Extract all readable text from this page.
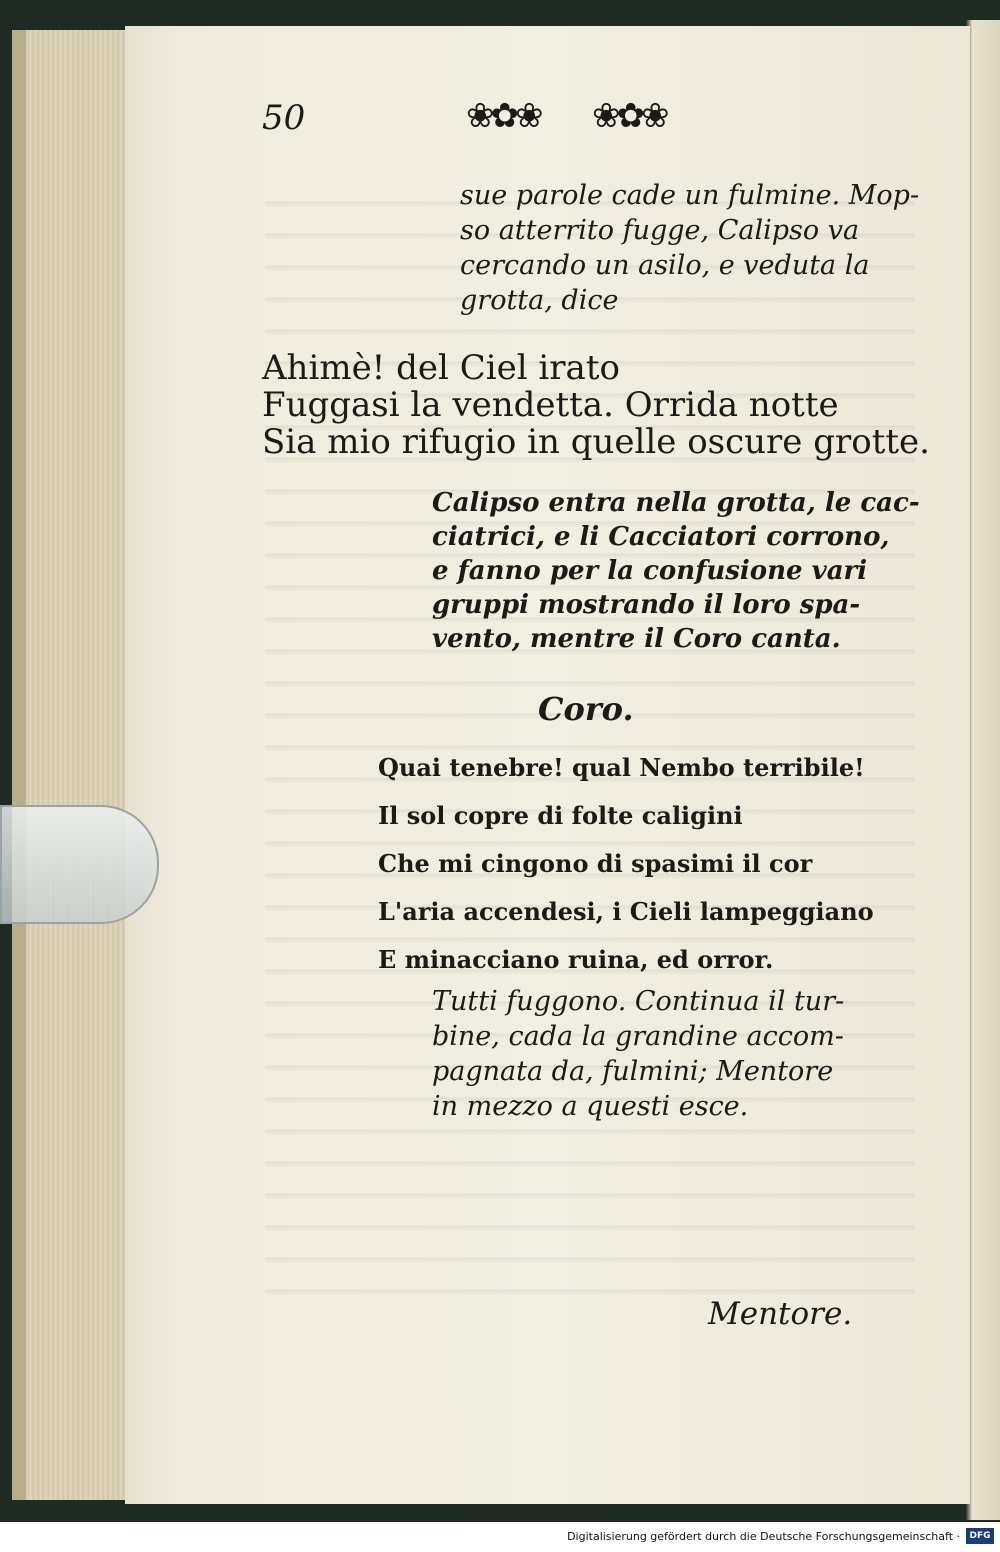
50	❀✿❀ ❀✿❀
sue parole cade un fulmine. Mop-
so atterrito fugge, Calipso va
cercando un asilo, e veduta la
grotta, dice
Ahimè! del Ciel irato
Fuggasi la vendetta. Orrida notte
Sia mio rifugio in quelle oscure grotte.
Calipso entra nella grotta, le cac-
ciatrici, e li Cacciatori corrono,
e fanno per la confusione vari
gruppi mostrando il loro spa-
vento, mentre il Coro canta.
Coro.
Quai tenebre! qual Nembo terribile!
Il sol copre di folte caligini
Che mi cingono di spasimi il cor
L'aria accendesi, i Cieli lampeggiano
E minacciano ruina, ed orror.
Tutti fuggono. Continua il tur-
bine, cada la grandine accom-
pagnata da, fulmini; Mentore
in mezzo a questi esce.
Mentore.
Digitalisierung gefördert durch die Deutsche Forschungsgemeinschaft ·	DFG
